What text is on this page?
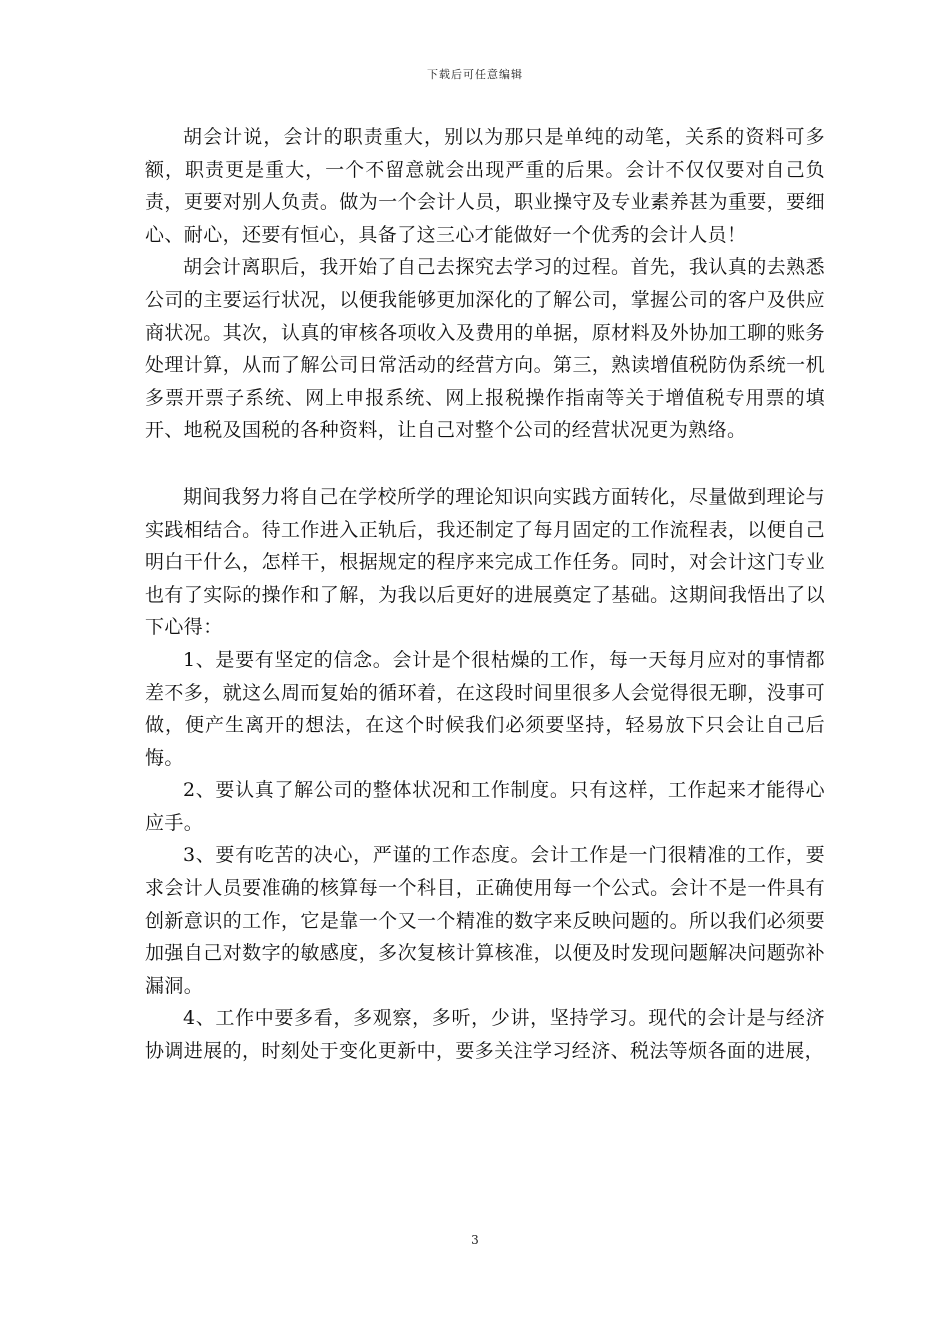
下载后可任意编辑

胡会计说，会计的职责重大，别以为那只是单纯的动笔，关系的资料可多额，职责更是重大，一个不留意就会出现严重的后果。会计不仅仅要对自己负责，更要对别人负责。做为一个会计人员，职业操守及专业素养甚为重要，要细心、耐心，还要有恒心，具备了这三心才能做好一个优秀的会计人员！

胡会计离职后，我开始了自己去探究去学习的过程。首先，我认真的去熟悉公司的主要运行状况，以便我能够更加深化的了解公司，掌握公司的客户及供应商状况。其次，认真的审核各项收入及费用的单据，原材料及外协加工聊的账务处理计算，从而了解公司日常活动的经营方向。第三，熟读增值税防伪系统一机多票开票子系统、网上申报系统、网上报税操作指南等关于增值税专用票的填开、地税及国税的各种资料，让自己对整个公司的经营状况更为熟络。

期间我努力将自己在学校所学的理论知识向实践方面转化，尽量做到理论与实践相结合。待工作进入正轨后，我还制定了每月固定的工作流程表，以便自己明白干什么，怎样干，根据规定的程序来完成工作任务。同时，对会计这门专业也有了实际的操作和了解，为我以后更好的进展奠定了基础。这期间我悟出了以下心得：

1、是要有坚定的信念。会计是个很枯燥的工作，每一天每月应对的事情都差不多，就这么周而复始的循环着，在这段时间里很多人会觉得很无聊，没事可做，便产生离开的想法，在这个时候我们必须要坚持，轻易放下只会让自己后悔。

2、要认真了解公司的整体状况和工作制度。只有这样，工作起来才能得心应手。

3、要有吃苦的决心，严谨的工作态度。会计工作是一门很精准的工作，要求会计人员要准确的核算每一个科目，正确使用每一个公式。会计不是一件具有创新意识的工作，它是靠一个又一个精准的数字来反映问题的。所以我们必须要加强自己对数字的敏感度，多次复核计算核准，以便及时发现问题解决问题弥补漏洞。

4、工作中要多看，多观察，多听，少讲，坚持学习。现代的会计是与经济协调进展的，时刻处于变化更新中，要多关注学习经济、税法等烦各面的进展，

3
